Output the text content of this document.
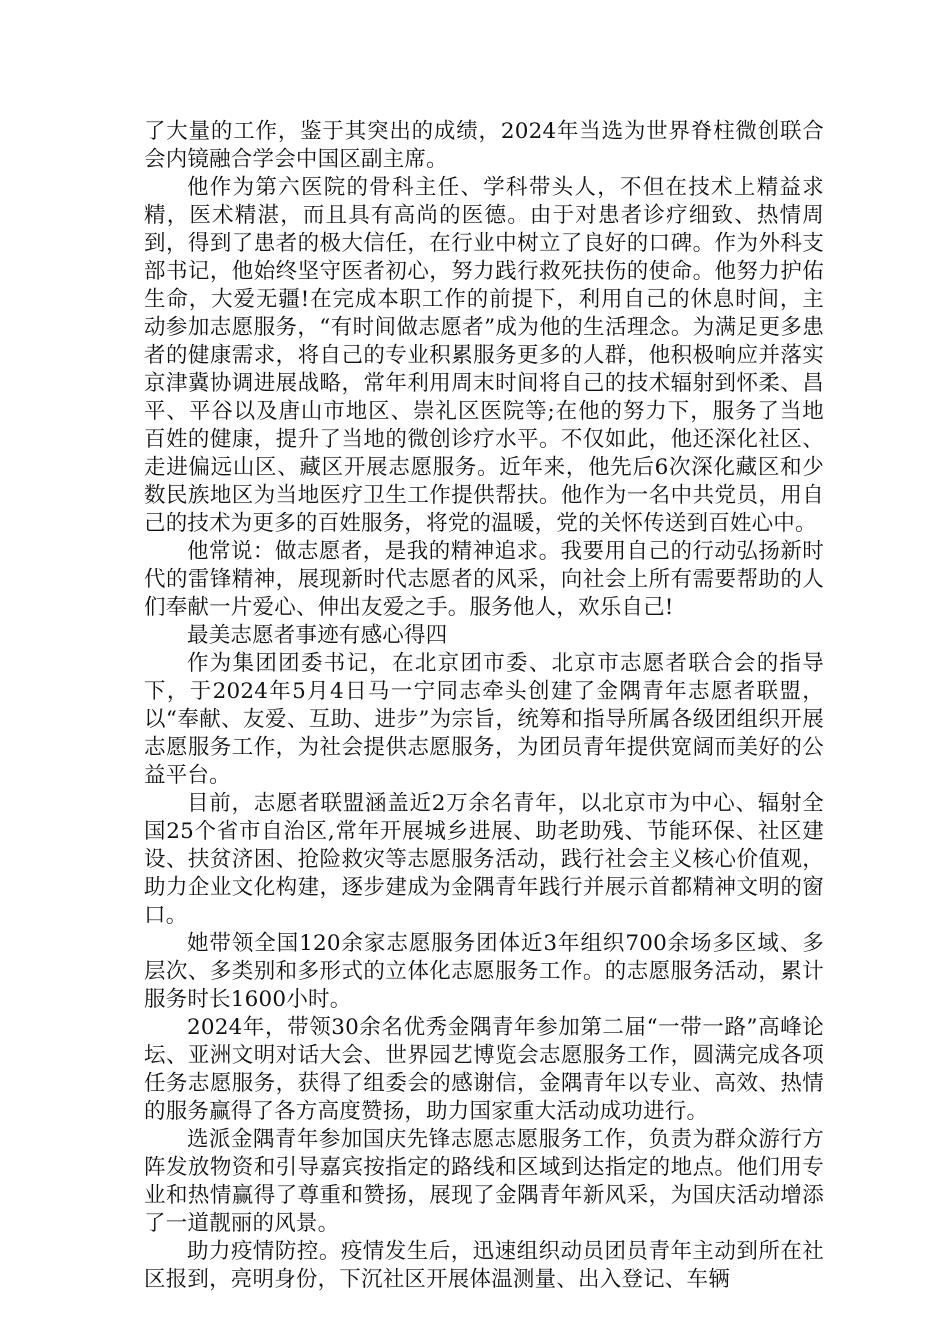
了大量的工作，鉴于其突出的成绩，2024年当选为世界脊柱微创联合会内镜融合学会中国区副主席。

他作为第六医院的骨科主任、学科带头人，不但在技术上精益求精，医术精湛，而且具有高尚的医德。由于对患者诊疗细致、热情周到，得到了患者的极大信任，在行业中树立了良好的口碑。作为外科支部书记，他始终坚守医者初心，努力践行救死扶伤的使命。他努力护佑生命，大爱无疆!在完成本职工作的前提下，利用自己的休息时间，主动参加志愿服务，“有时间做志愿者”成为他的生活理念。为满足更多患者的健康需求，将自己的专业积累服务更多的人群，他积极响应并落实京津冀协调进展战略，常年利用周末时间将自己的技术辐射到怀柔、昌平、平谷以及唐山市地区、崇礼区医院等;在他的努力下，服务了当地百姓的健康，提升了当地的微创诊疗水平。不仅如此，他还深化社区、走进偏远山区、藏区开展志愿服务。近年来，他先后6次深化藏区和少数民族地区为当地医疗卫生工作提供帮扶。他作为一名中共党员，用自己的技术为更多的百姓服务，将党的温暖，党的关怀传送到百姓心中。

他常说：做志愿者，是我的精神追求。我要用自己的行动弘扬新时代的雷锋精神，展现新时代志愿者的风采，向社会上所有需要帮助的人们奉献一片爱心、伸出友爱之手。服务他人，欢乐自己!

最美志愿者事迹有感心得四

作为集团团委书记，在北京团市委、北京市志愿者联合会的指导下，于2024年5月4日马一宁同志牵头创建了金隅青年志愿者联盟，以“奉献、友爱、互助、进步”为宗旨，统筹和指导所属各级团组织开展志愿服务工作，为社会提供志愿服务，为团员青年提供宽阔而美好的公益平台。

目前，志愿者联盟涵盖近2万余名青年，以北京市为中心、辐射全国25个省市自治区,常年开展城乡进展、助老助残、节能环保、社区建设、扶贫济困、抢险救灾等志愿服务活动，践行社会主义核心价值观，助力企业文化构建，逐步建成为金隅青年践行并展示首都精神文明的窗口。

她带领全国120余家志愿服务团体近3年组织700余场多区域、多层次、多类别和多形式的立体化志愿服务工作。的志愿服务活动，累计服务时长1600小时。

2024年，带领30余名优秀金隅青年参加第二届“一带一路”高峰论坛、亚洲文明对话大会、世界园艺博览会志愿服务工作，圆满完成各项任务志愿服务，获得了组委会的感谢信，金隅青年以专业、高效、热情的服务赢得了各方高度赞扬，助力国家重大活动成功进行。

选派金隅青年参加国庆先锋志愿志愿服务工作，负责为群众游行方阵发放物资和引导嘉宾按指定的路线和区域到达指定的地点。他们用专业和热情赢得了尊重和赞扬，展现了金隅青年新风采，为国庆活动增添了一道靓丽的风景。

助力疫情防控。疫情发生后，迅速组织动员团员青年主动到所在社区报到，亮明身份，下沉社区开展体温测量、出入登记、车辆
